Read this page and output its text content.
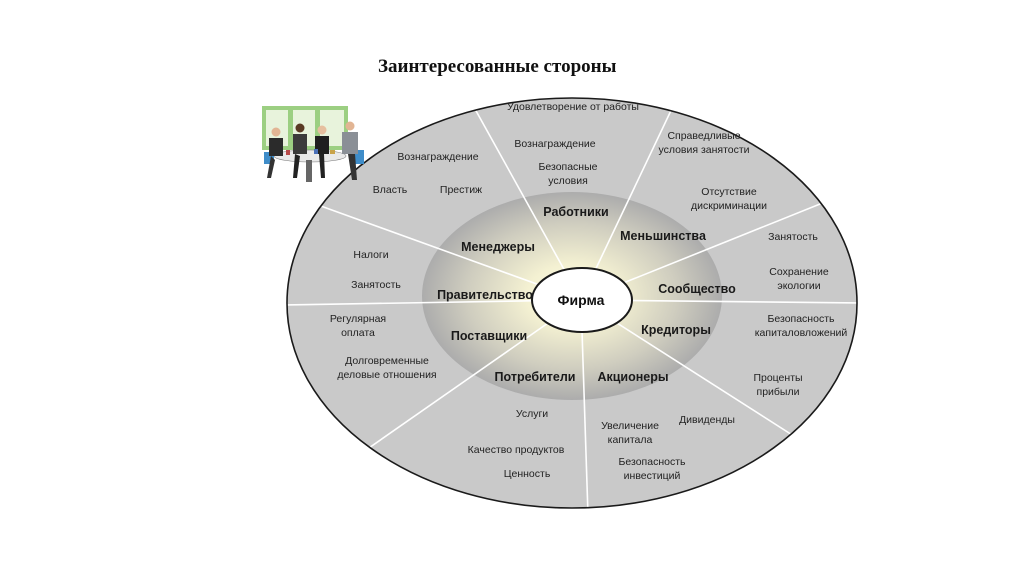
Заинтересованные стороны
Фирма
Работники
Меньшинства
Сообщество
Кредиторы
Акционеры
Потребители
Поставщики
Правительство
Менеджеры
Удовлетворение от работы
Вознаграждение
Безопасные
условия
Справедливые
условия занятости
Отсутствие
дискриминации
Занятость
Сохранение
экологии
Безопасность
капиталовложений
Проценты
прибыли
Дивиденды
Увеличение
капитала
Безопасность
инвестиций
Услуги
Качество продуктов
Ценность
Регулярная
оплата
Долговременные
деловые отношения
Налоги
Занятость
Вознаграждение
Власть	Престиж
